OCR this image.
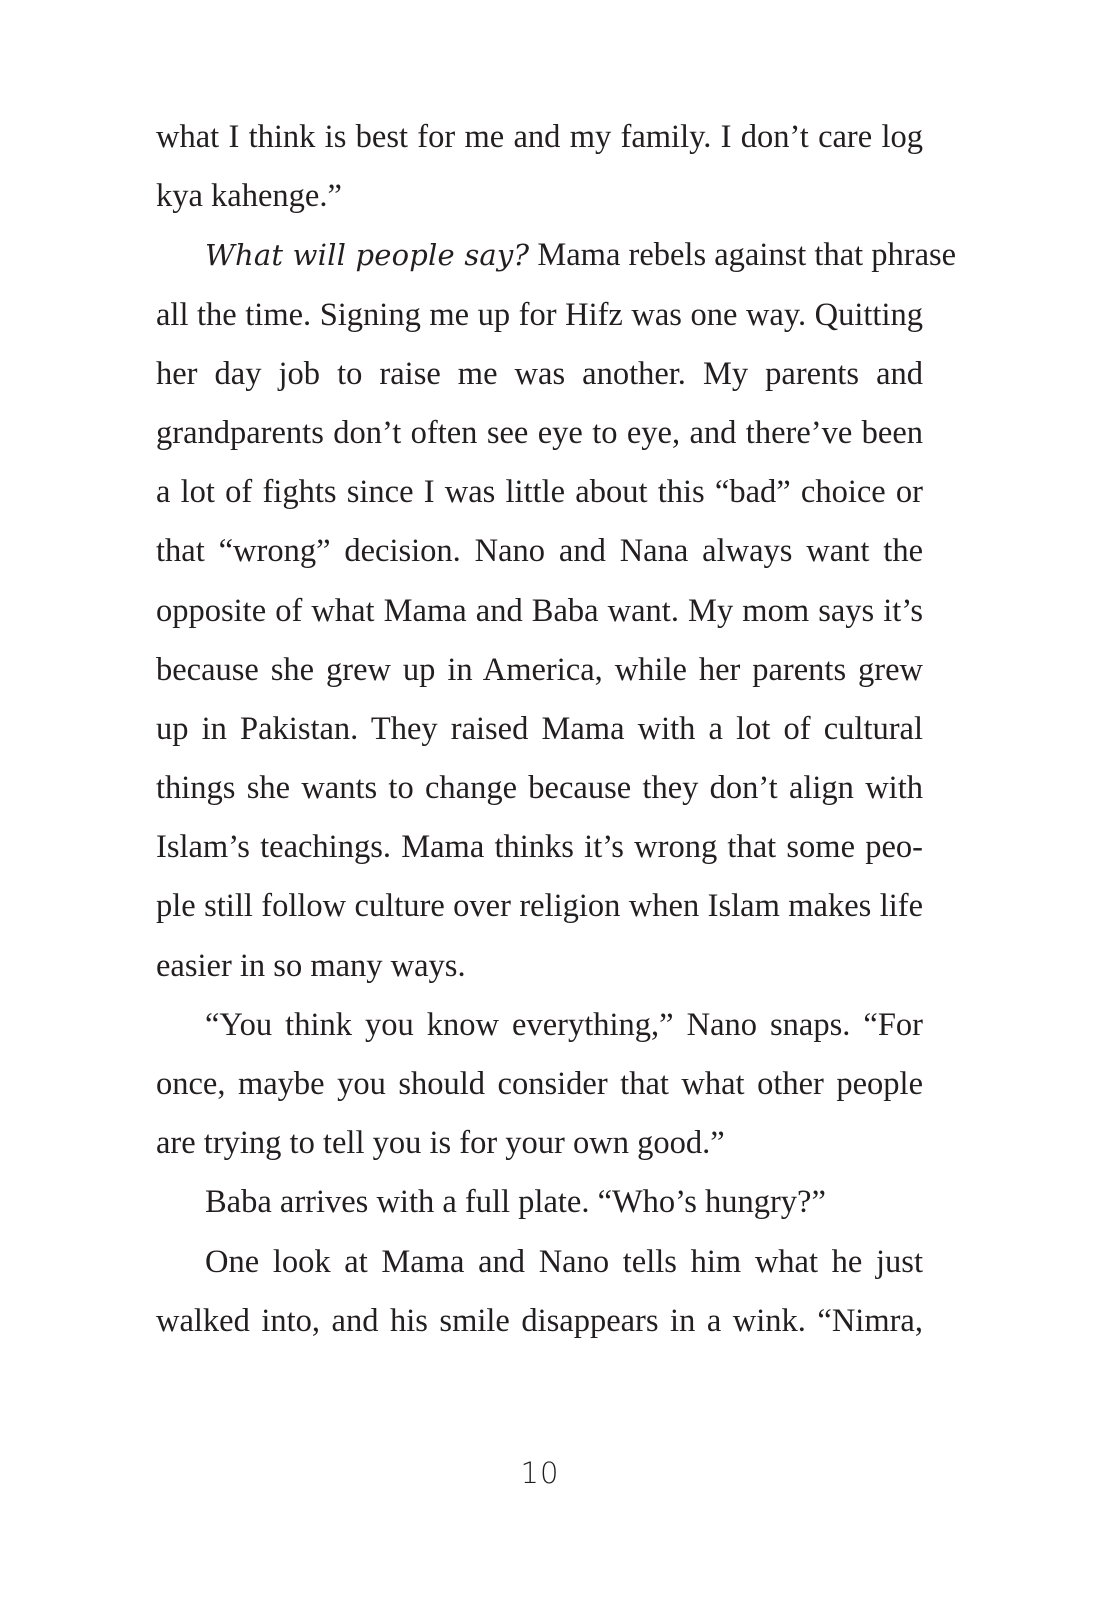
what I think is best for me and my family. I don’t care log
kya kahenge.”
What will people say? Mama rebels against that phrase
all the time. Signing me up for Hifz was one way. Quitting
her day job to raise me was another. My parents and
grandparents don’t often see eye to eye, and there’ve been
a lot of fights since I was little about this “bad” choice or
that “wrong” decision. Nano and Nana always want the
opposite of what Mama and Baba want. My mom says it’s
because she grew up in America, while her parents grew
up in Pakistan. They raised Mama with a lot of cultural
things she wants to change because they don’t align with
Islam’s teachings. Mama thinks it’s wrong that some peo-
ple still follow culture over religion when Islam makes life
easier in so many ways.
“You think you know everything,” Nano snaps. “For
once, maybe you should consider that what other people
are trying to tell you is for your own good.”
Baba arrives with a full plate. “Who’s hungry?”
One look at Mama and Nano tells him what he just
walked into, and his smile disappears in a wink. “Nimra,
10
